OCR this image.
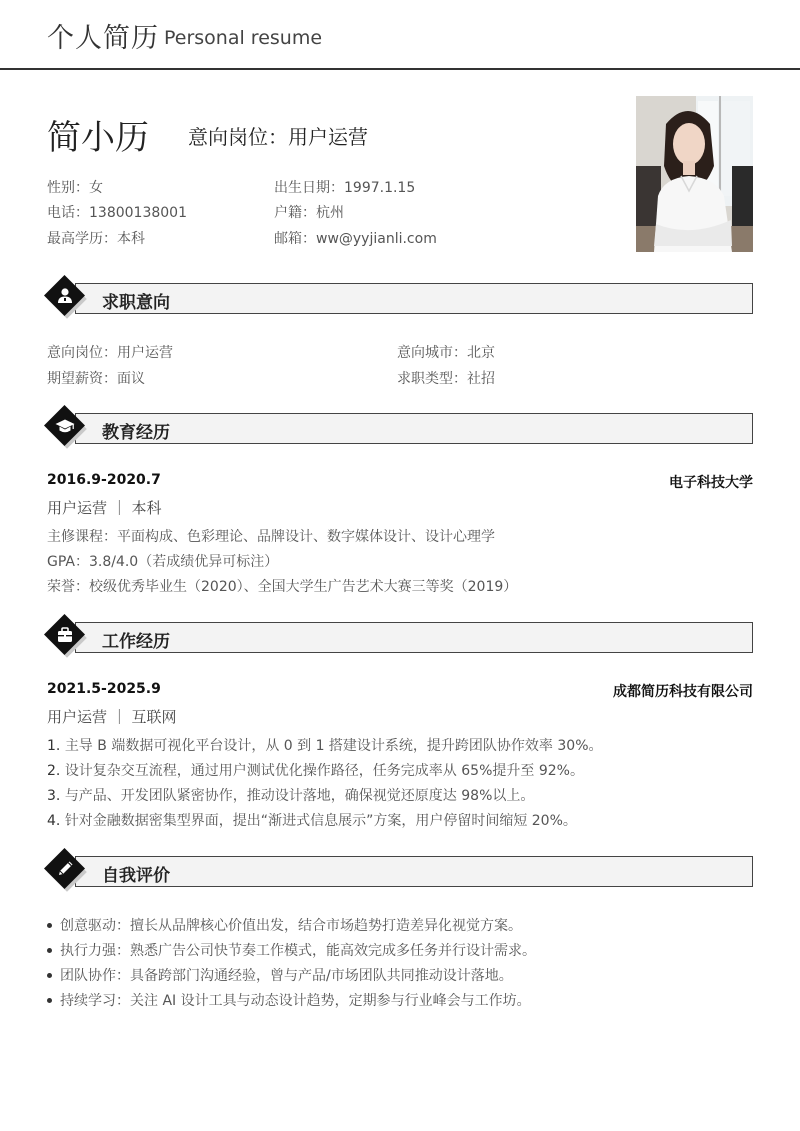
个人简历 Personal resume
简小历 意向岗位：用户运营
性别：女	出生日期：1997.1.15
电话：13800138001	户籍：杭州
最高学历：本科	邮箱：ww@yyjianli.com
求职意向
意向岗位：用户运营	意向城市：北京
期望薪资：面议	求职类型：社招
教育经历
2016.9-2020.7	电子科技大学
用户运营 ｜ 本科
主修课程：平面构成、色彩理论、品牌设计、数字媒体设计、设计心理学
GPA：3.8/4.0（若成绩优异可标注）
荣誉：校级优秀毕业生（2020）、全国大学生广告艺术大赛三等奖（2019）
工作经历
2021.5-2025.9	成都简历科技有限公司
用户运营 ｜ 互联网
1. 主导 B 端数据可视化平台设计，从 0 到 1 搭建设计系统，提升跨团队协作效率 30%。
2. 设计复杂交互流程，通过用户测试优化操作路径，任务完成率从 65%提升至 92%。
3. 与产品、开发团队紧密协作，推动设计落地，确保视觉还原度达 98%以上。
4. 针对金融数据密集型界面，提出“渐进式信息展示”方案，用户停留时间缩短 20%。
自我评价
创意驱动：擅长从品牌核心价值出发，结合市场趋势打造差异化视觉方案。
执行力强：熟悉广告公司快节奏工作模式，能高效完成多任务并行设计需求。
团队协作：具备跨部门沟通经验，曾与产品/市场团队共同推动设计落地。
持续学习：关注 AI 设计工具与动态设计趋势，定期参与行业峰会与工作坊。
